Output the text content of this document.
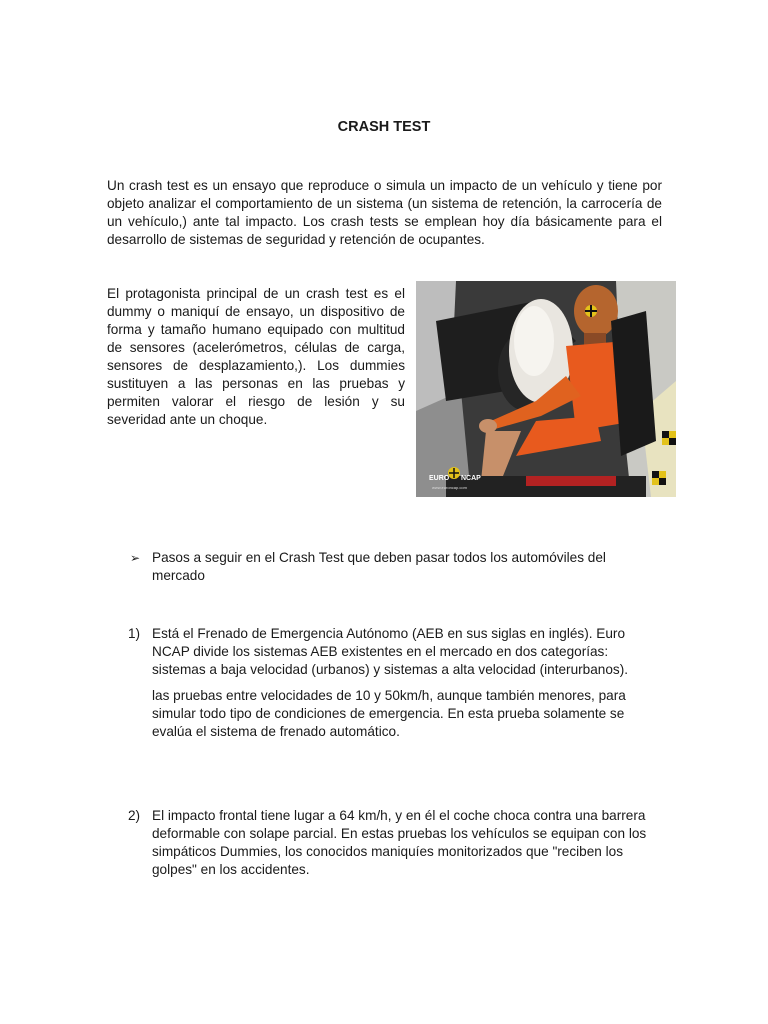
CRASH TEST

Un crash test es un ensayo que reproduce o simula un impacto de un vehículo y tiene por objeto analizar el comportamiento de un sistema (un sistema de retención, la carrocería de un vehículo,) ante tal impacto. Los crash tests se emplean hoy día básicamente para el desarrollo de sistemas de seguridad y retención de ocupantes.

El protagonista principal de un crash test es el dummy o maniquí de ensayo, un dispositivo de forma y tamaño humano equipado con multitud de sensores (acelerómetros, células de carga, sensores de desplazamiento,). Los dummies sustituyen a las personas en las pruebas y permiten valorar el riesgo de lesión y su severidad ante un choque.

EURO NCAP
www.euroncap.com
➢ Pasos a seguir en el Crash Test que deben pasar todos los automóviles del mercado
1) Está el Frenado de Emergencia Autónomo (AEB en sus siglas en inglés). Euro NCAP divide los sistemas AEB existentes en el mercado en dos categorías: sistemas a baja velocidad (urbanos) y sistemas a alta velocidad (interurbanos).
las pruebas entre velocidades de 10 y 50km/h, aunque también menores, para simular todo tipo de condiciones de emergencia. En esta prueba solamente se evalúa el sistema de frenado automático.
2) El impacto frontal tiene lugar a 64 km/h, y en él el coche choca contra una barrera deformable con solape parcial. En estas pruebas los vehículos se equipan con los simpáticos Dummies, los conocidos maniquíes monitorizados que "reciben los golpes" en los accidentes.
